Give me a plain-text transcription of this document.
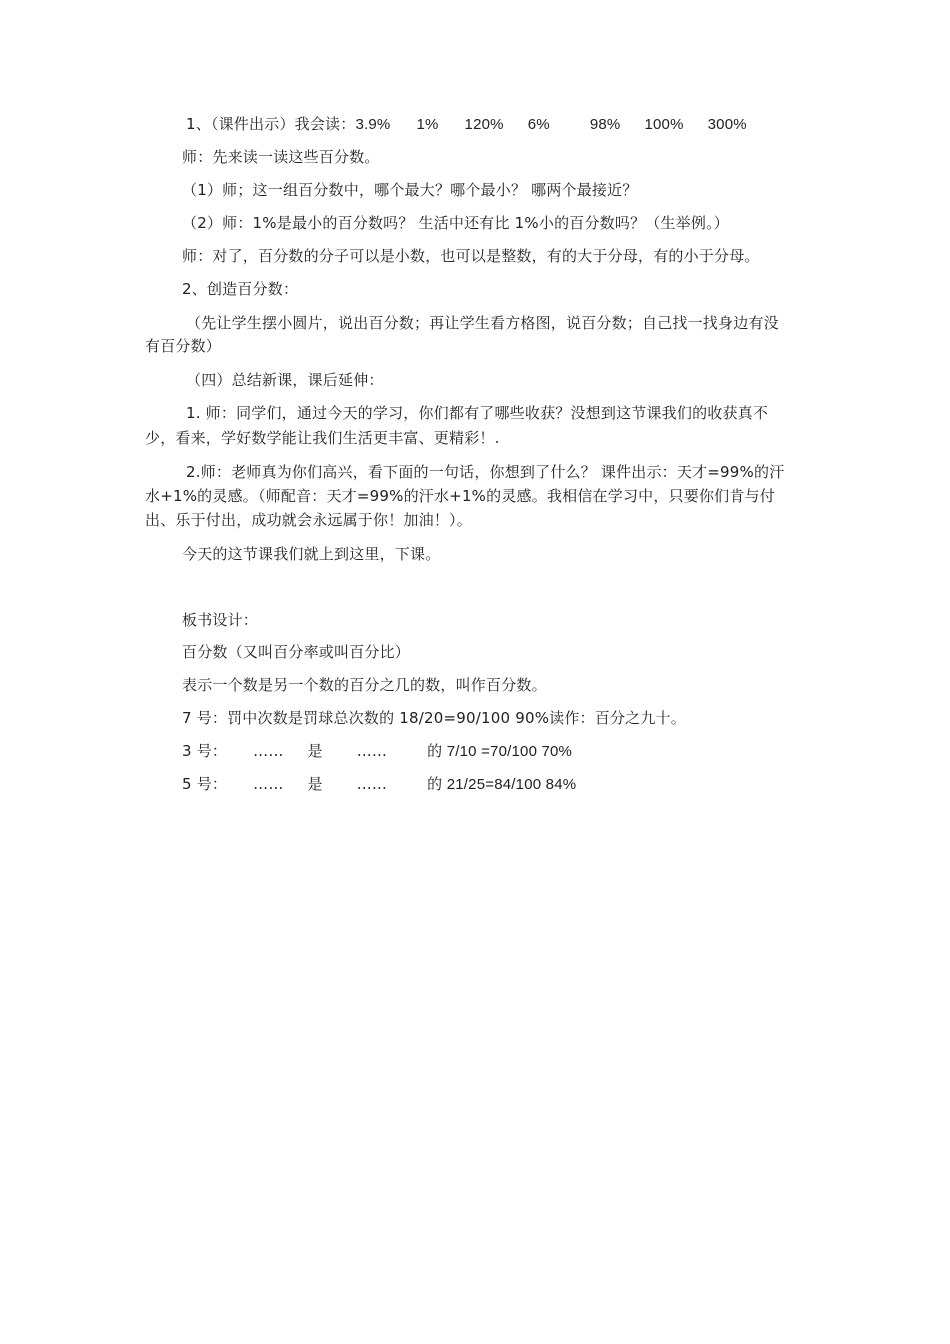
1、（课件出示）我会读：3.9% 1% 120% 6%	98% 100% 300%
师：先来读一读这些百分数。
（1）师；这一组百分数中，哪个最大？哪个最小？ 哪两个最接近？
（2）师：1%是最小的百分数吗？ 生活中还有比 1%小的百分数吗？（生举例。）
师：对了，百分数的分子可以是小数，也可以是整数，有的大于分母，有的小于分母。
2、创造百分数：
（先让学生摆小圆片，说出百分数；再让学生看方格图，说百分数；自己找一找身边有没
有百分数）
（四）总结新课，课后延伸：
1. 师：同学们，通过今天的学习，你们都有了哪些收获？没想到这节课我们的收获真不
少，看来，学好数学能让我们生活更丰富、更精彩！.
2.师：老师真为你们高兴，看下面的一句话，你想到了什么？ 课件出示：天才=99%的汗
水+1%的灵感。（师配音：天才=99%的汗水+1%的灵感。我相信在学习中，只要你们肯与付
出、乐于付出，成功就会永远属于你！加油！）。
今天的这节课我们就上到这里，下课。
板书设计：
百分数（又叫百分率或叫百分比）
表示一个数是另一个数的百分之几的数，叫作百分数。
7 号：罚中次数是罚球总次数的 18/20=90/100 90%读作：百分之九十。
3 号： …… 是 ……	的 7/10 =70/100 70%
5 号： …… 是 ……	的 21/25=84/100 84%
